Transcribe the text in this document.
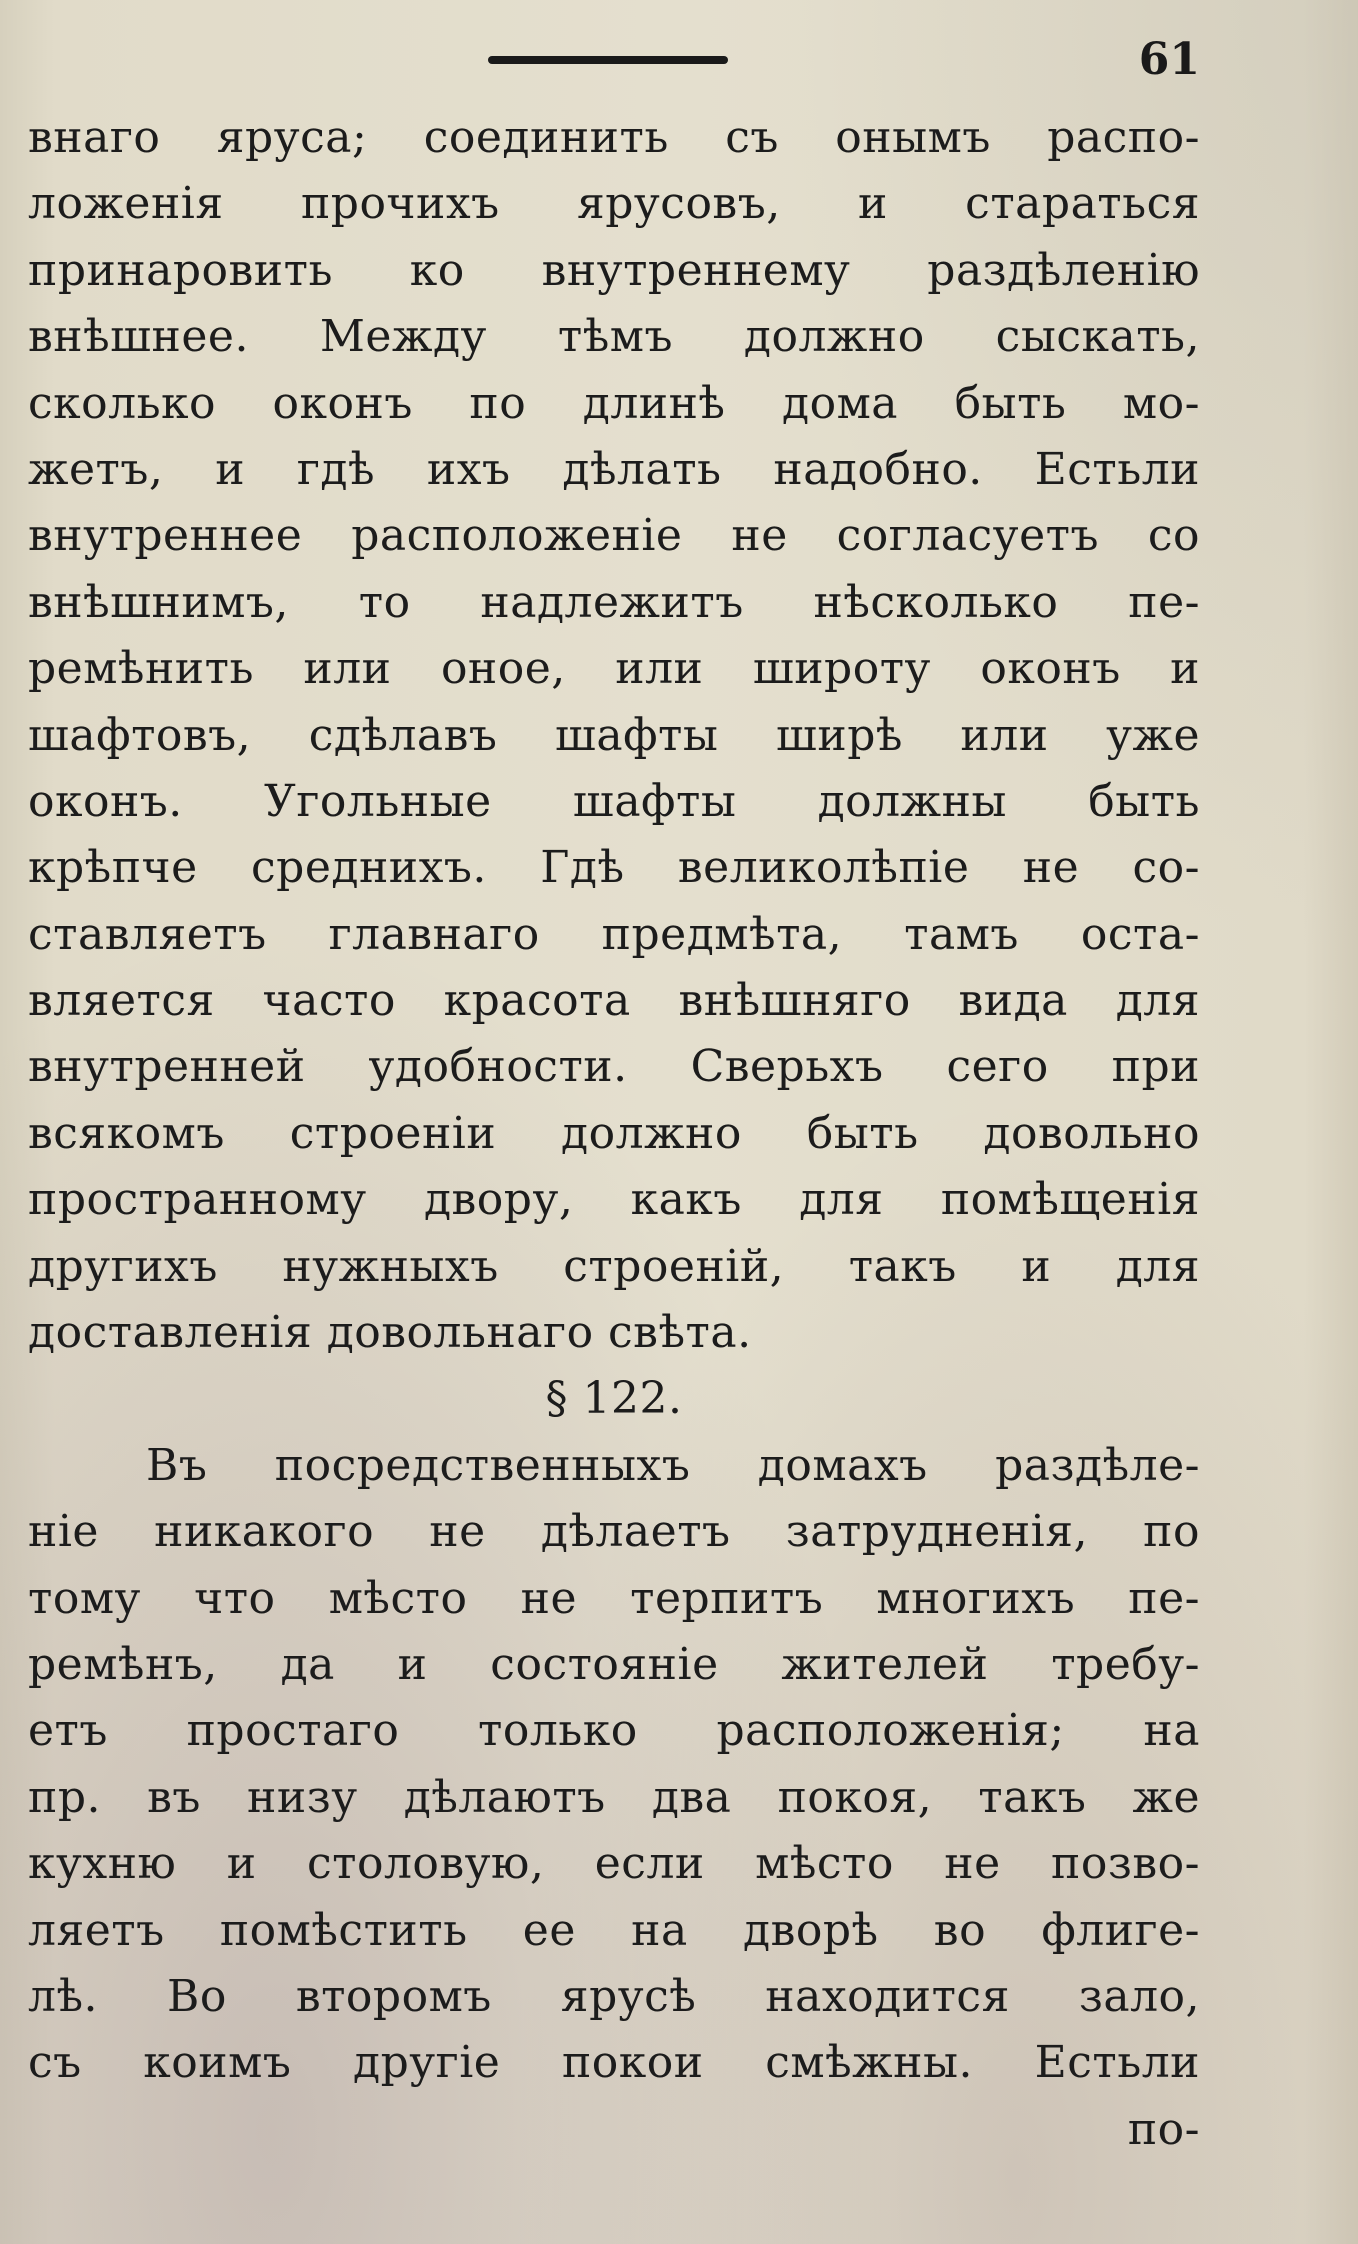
61
внаго яруса; соединить съ онымъ распо-
ложенія прочихъ ярусовъ, и стараться
принаровить ко внутреннему раздѣленію
внѣшнее. Между тѣмъ должно сыскать,
сколько оконъ по длинѣ дома быть мо-
жетъ, и гдѣ ихъ дѣлать надобно. Естьли
внутреннее расположеніе не согласуетъ со
внѣшнимъ, то надлежитъ нѣсколько пе-
ремѣнить или оное, или широту оконъ и
шафтовъ, сдѣлавъ шафты ширѣ или уже
оконъ. Угольные шафты должны быть
крѣпче среднихъ. Гдѣ великолѣпіе не со-
ставляетъ главнаго предмѣта, тамъ оста-
вляется часто красота внѣшняго вида для
внутренней удобности. Сверьхъ сего при
всякомъ строеніи должно быть довольно
пространному двору, какъ для помѣщенія
другихъ нужныхъ строеній, такъ и для
доставленія довольнаго свѣта.
§ 122.
Въ посредственныхъ домахъ раздѣле-
ніе никакого не дѣлаетъ затрудненія, по
тому что мѣсто не терпитъ многихъ пе-
ремѣнъ, да и состояніе жителей требу-
етъ простаго только расположенія; на
пр. въ низу дѣлаютъ два покоя, такъ же
кухню и столовую, если мѣсто не позво-
ляетъ помѣстить ее на дворѣ во флиге-
лѣ. Во второмъ ярусѣ находится зало,
съ коимъ другіе покои смѣжны. Естьли
по-
